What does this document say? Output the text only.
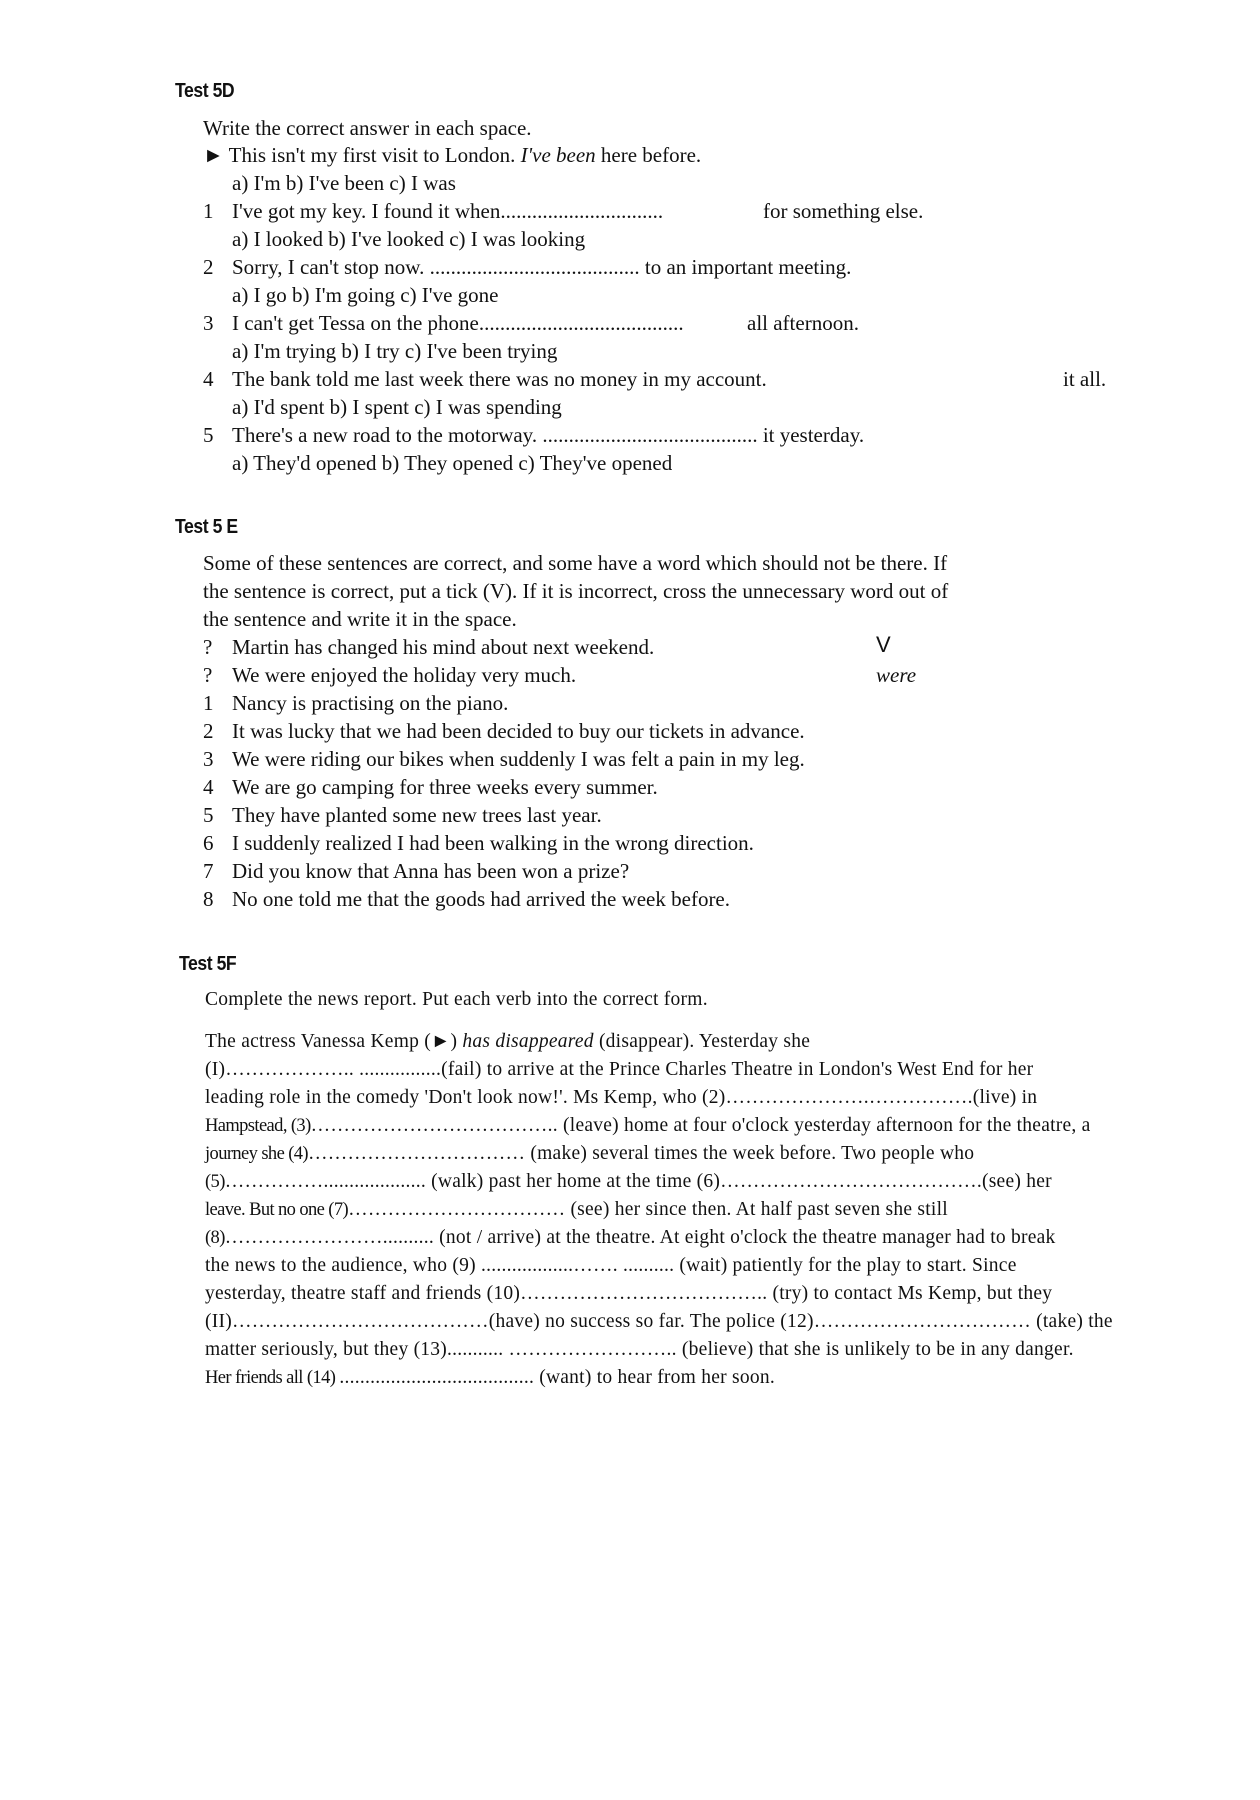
Test 5D
Write the correct answer in each space.
► This isn't my first visit to London. I've been here before.
a) I'm b) I've been c) I was
1 I've got my key. I found it when...............................	for something else.
a) I looked b) I've looked c) I was looking
2 Sorry, I can't stop now. ........................................ to an important meeting.
a) I go b) I'm going c) I've gone
3 I can't get Tessa on the phone.......................................	all afternoon.
a) I'm trying b) I try c) I've been trying
4 The bank told me last week there was no money in my account.	it all.
a) I'd spent b) I spent c) I was spending
5 There's a new road to the motorway. ......................................... it yesterday.
a) They'd opened b) They opened c) They've opened
Test 5 E
Some of these sentences are correct, and some have a word which should not be there. If
the sentence is correct, put a tick (V). If it is incorrect, cross the unnecessary word out of
the sentence and write it in the space.
? Martin has changed his mind about next weekend.	V
? We were enjoyed the holiday very much.	were
1 Nancy is practising on the piano.
2 It was lucky that we had been decided to buy our tickets in advance.
3 We were riding our bikes when suddenly I was felt a pain in my leg.
4 We are go camping for three weeks every summer.
5 They have planted some new trees last year.
6 I suddenly realized I had been walking in the wrong direction.
7 Did you know that Anna has been won a prize?
8 No one told me that the goods had arrived the week before.
Test 5F
Complete the news report. Put each verb into the correct form.
The actress Vanessa Kemp (►) has disappeared (disappear). Yesterday she
(I)……………….. ................(fail) to arrive at the Prince Charles Theatre in London's West End for her
leading role in the comedy 'Don't look now!'. Ms Kemp, who (2)………………….…………….(live) in
Hampstead, (3)……………………………….. (leave) home at four o'clock yesterday afternoon for the theatre, a
journey she (4)…………………………… (make) several times the week before. Two people who
(5)…………….................... (walk) past her home at the time (6)………………………………….(see) her
leave. But no one (7)…………………………… (see) her since then. At half past seven she still
(8)…………………….......... (not / arrive) at the theatre. At eight o'clock the theatre manager had to break
the news to the audience, who (9) ..................……. .......... (wait) patiently for the play to start. Since
yesterday, theatre staff and friends (10)……………………………….. (try) to contact Ms Kemp, but they
(II)…………………………………(have) no success so far. The police (12)…………………………… (take) the
matter seriously, but they (13)........... …………………….. (believe) that she is unlikely to be in any danger.
Her friends all (14) ...................................... (want) to hear from her soon.
